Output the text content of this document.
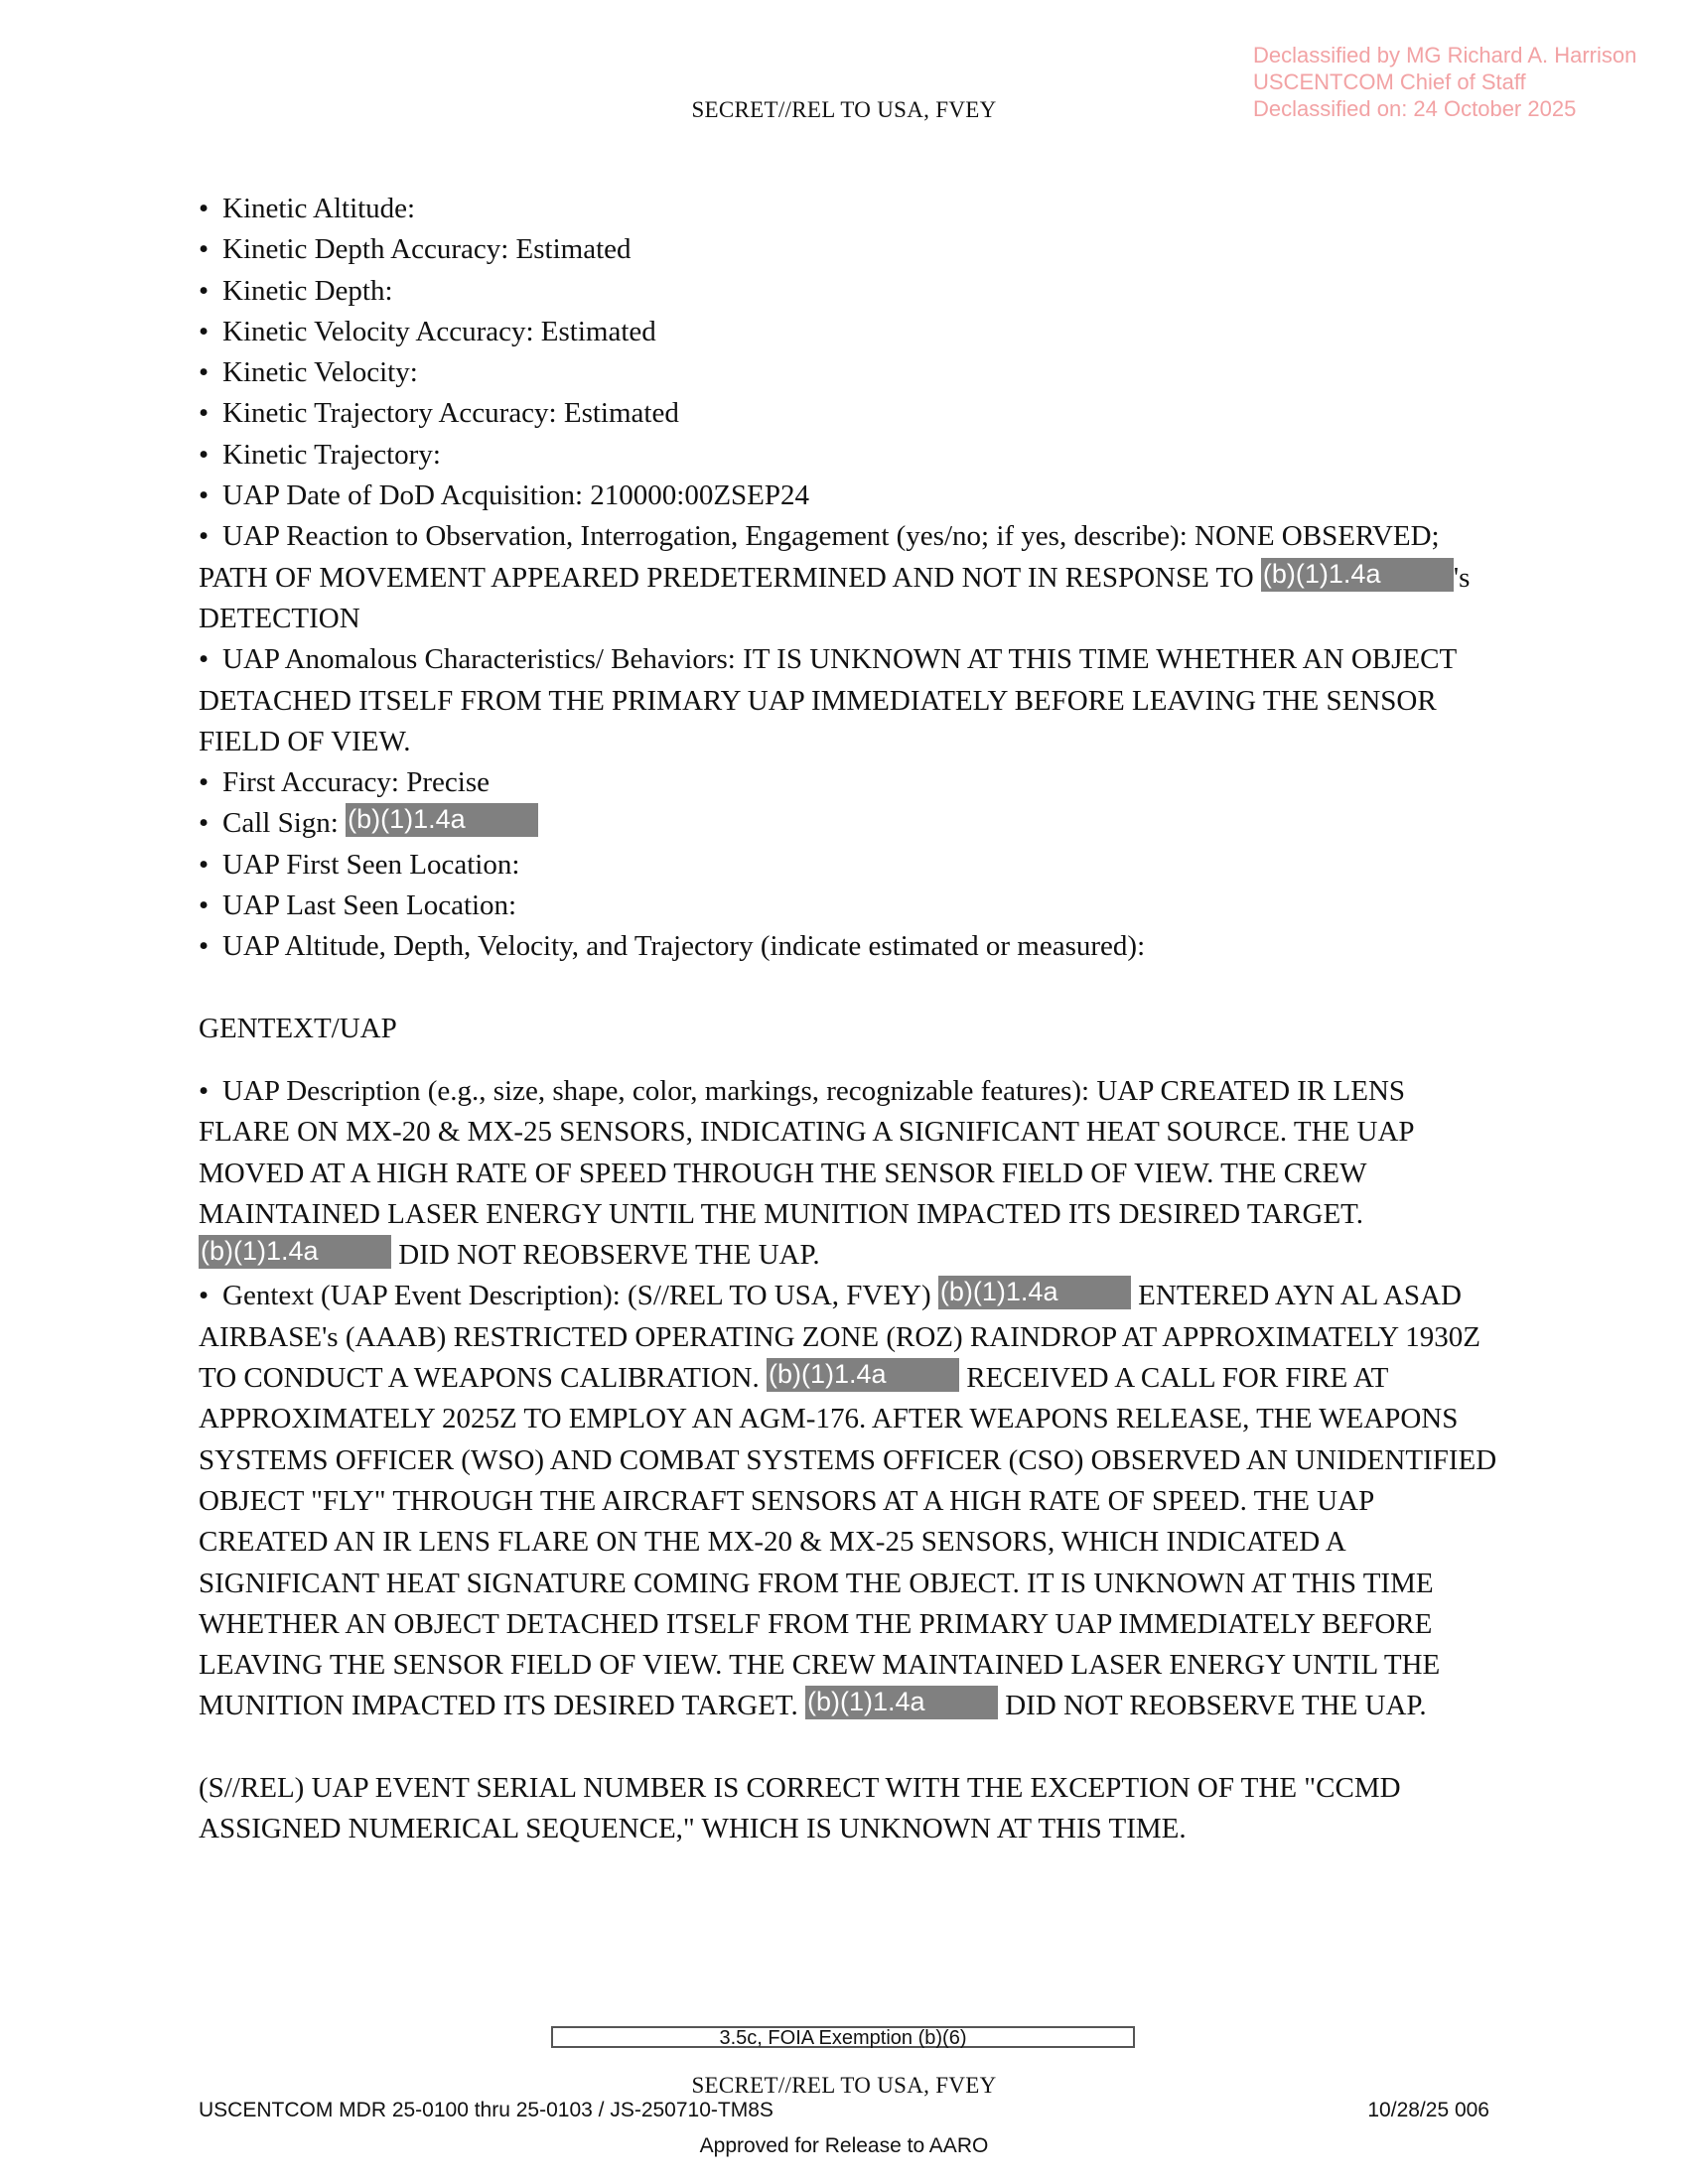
Declassified by MG Richard A. Harrison
USCENTCOM Chief of Staff
Declassified on: 24 October 2025
SECRET//REL TO USA, FVEY

• Kinetic Altitude:

• Kinetic Depth Accuracy: Estimated

• Kinetic Depth:

• Kinetic Velocity Accuracy: Estimated

• Kinetic Velocity:

• Kinetic Trajectory Accuracy: Estimated

• Kinetic Trajectory:

• UAP Date of DoD Acquisition: 210000:00ZSEP24

• UAP Reaction to Observation, Interrogation, Engagement (yes/no; if yes, describe): NONE OBSERVED; PATH OF MOVEMENT APPEARED PREDETERMINED AND NOT IN RESPONSE TO (b)(1)1.4a	's DETECTION

• UAP Anomalous Characteristics/ Behaviors: IT IS UNKNOWN AT THIS TIME WHETHER AN OBJECT DETACHED ITSELF FROM THE PRIMARY UAP IMMEDIATELY BEFORE LEAVING THE SENSOR FIELD OF VIEW.

• First Accuracy: Precise

• Call Sign: (b)(1)1.4a

• UAP First Seen Location:

• UAP Last Seen Location:

• UAP Altitude, Depth, Velocity, and Trajectory (indicate estimated or measured):

GENTEXT/UAP

• UAP Description (e.g., size, shape, color, markings, recognizable features): UAP CREATED IR LENS FLARE ON MX-20 & MX-25 SENSORS, INDICATING A SIGNIFICANT HEAT SOURCE. THE UAP MOVED AT A HIGH RATE OF SPEED THROUGH THE SENSOR FIELD OF VIEW. THE CREW MAINTAINED LASER ENERGY UNTIL THE MUNITION IMPACTED ITS DESIRED TARGET. (b)(1)1.4a	DID NOT REOBSERVE THE UAP.

• Gentext (UAP Event Description): (S//REL TO USA, FVEY) (b)(1)1.4a	ENTERED AYN AL ASAD AIRBASE's (AAAB) RESTRICTED OPERATING ZONE (ROZ) RAINDROP AT APPROXIMATELY 1930Z TO CONDUCT A WEAPONS CALIBRATION. (b)(1)1.4a	RECEIVED A CALL FOR FIRE AT APPROXIMATELY 2025Z TO EMPLOY AN AGM-176. AFTER WEAPONS RELEASE, THE WEAPONS SYSTEMS OFFICER (WSO) AND COMBAT SYSTEMS OFFICER (CSO) OBSERVED AN UNIDENTIFIED OBJECT "FLY" THROUGH THE AIRCRAFT SENSORS AT A HIGH RATE OF SPEED. THE UAP CREATED AN IR LENS FLARE ON THE MX-20 & MX-25 SENSORS, WHICH INDICATED A SIGNIFICANT HEAT SIGNATURE COMING FROM THE OBJECT. IT IS UNKNOWN AT THIS TIME WHETHER AN OBJECT DETACHED ITSELF FROM THE PRIMARY UAP IMMEDIATELY BEFORE LEAVING THE SENSOR FIELD OF VIEW. THE CREW MAINTAINED LASER ENERGY UNTIL THE MUNITION IMPACTED ITS DESIRED TARGET. (b)(1)1.4a	DID NOT REOBSERVE THE UAP.

(S//REL) UAP EVENT SERIAL NUMBER IS CORRECT WITH THE EXCEPTION OF THE "CCMD ASSIGNED NUMERICAL SEQUENCE," WHICH IS UNKNOWN AT THIS TIME.

3.5c, FOIA Exemption (b)(6)
SECRET//REL TO USA, FVEY
USCENTCOM MDR 25-0100 thru 25-0103 / JS-250710-TM8S	10/28/25 006
Approved for Release to AARO
